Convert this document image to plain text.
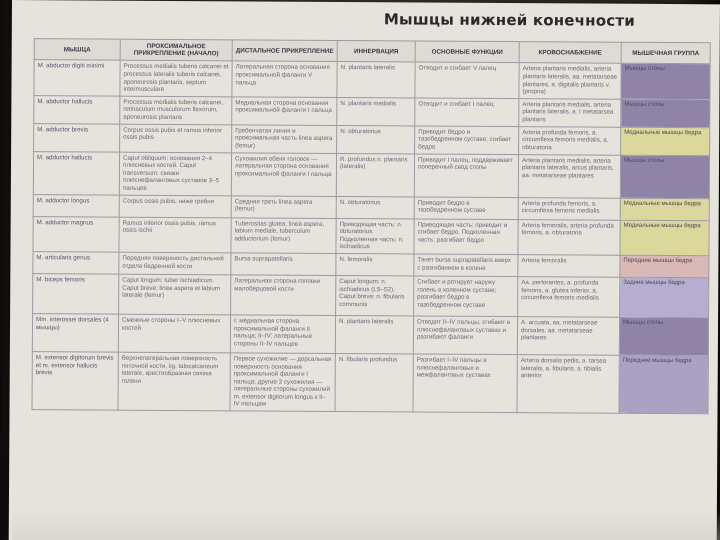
Мышцы нижней конечности
МЫШЦА	ПРОКСИМАЛЬНОЕ ПРИКРЕПЛЕНИЕ (НАЧАЛО)	ДИСТАЛЬНОЕ ПРИКРЕПЛЕНИЕ	ИННЕРВАЦИЯ	ОСНОВНЫЕ ФУНКЦИИ	КРОВОСНАБЖЕНИЕ	МЫШЕЧНАЯ ГРУППА
M. abductor digiti minimi	Processus medialis tuberis calcanei et processus lateralis tuberis calcanei, aponeurosis plantaris, septum intermusculare	Латеральная сторона основания проксимальной фаланги V пальца	N. plantaris lateralis	Отводит и сгибает V палец	Arteria plantaris medialis, arteria plantaris lateralis, aa. metatarseae plantares, a. digitalis plantaris v. (propria)	Мышцы стопы
M. abductor hallucis	Processus medialis tuberis calcanei, retinaculum musculorum flexorum, aponeurosis plantaris	Медиальная сторона основания проксимальной фаланги I пальца	N. plantaris medialis	Отводит и сгибает I палец	Arteria plantaris medialis, arteria plantaris lateralis, a. I metatarsea plantaris	Мышцы стопы
M. adductor brevis	Corpus ossis pubis et ramus inferior ossis pubis	Гребенчатая линия и проксимальная часть linea aspera (femur)	N. obturatorius	Приводит бедро и тазобедренном суставе; сгибает бедро	Arteria profunda femoris, a. circumflexa femoris medialis, a. obturatoria	Медиальные мышцы бедра
M. adductor hallucis	Caput obliquum: основания 2–4 плюсневых костей. Caput transversum: связки плюснефаланговых суставов 3–5 пальцев	Сухожилия обеих головок — латеральная сторона основания проксимальной фаланги I пальца	R. profundus n. plantaris (lateralis)	Приводит I палец, поддерживает поперечный свод стопы	Arteria plantaris medialis, arteria plantaris lateralis, arcus plantaris, aa. metatarseae plantares	Мышцы стопы
M. adductor longus	Corpus ossis pubis, ниже гребня	Средняя треть linea aspera (femur)	N. obturatorius	Приводит бедро в тазобедренном суставе	Arteria profunda femoris, a. circumflexa femoris medialis	Медиальные мышцы бедра
M. adductor magnus	Ramus inferior ossis pubis, ramus ossis ischii	Tuberositas glutea, linea aspera, labium mediale, tuberculum adductorium (femur)	Приводящая часть: n. obturatorius. Подколенная часть: n. ischiadicus	Приводящая часть: приводит и сгибает бедро. Подколенная часть: разгибает бедро	Arteria femoralis, arteria profunda femoris, a. obturatoria	Медиальные мышцы бедра
M. articularis genus	Передняя поверхность дистальной отдела бедренной кости	Bursa suprapatellaris	N. femoralis	Тянет bursa suprapatellaris вверх с разгибанием в колене	Arteria femoralis	Передние мышцы бедра
M. biceps femoris	Caput longum: tuber ischiadicum. Caput breve: linea aspera et labium laterale (femur)	Латеральная сторона головки малоберцовой кости	Caput longum: n. ischiadicus (L5–S2). Caput breve: n. fibularis communis	Сгибает и ротирует наружу голень в коленном суставе; разгибает бедро в тазобедренном суставе	Aa. perforantes, a. profunda femoris, a. glutea inferior, a. circumflexa femoris medialis	Задние мышцы бедра
Mm. interossei dorsales (4 мышцы)	Смежные стороны I–V плюсневых костей	I: медиальная сторона проксимальной фаланги II пальца; II–IV: латеральные стороны II–IV пальцев	N. plantaris lateralis	Отводят II–IV пальцы, сгибают в плюснефаланговых суставах и разгибают фаланги	A. arcuata, aa. metatarseae dorsales, aa. metatarseae plantares	Мышцы стопы
M. extensor digitorum brevis et m. extensor hallucis brevis	Верхнелатеральная поверхность пяточной кости, lig. talocalcaneum laterale, крестообразная связка голени	Первое сухожилие — дорсальная поверхность основания проксимальной фаланги I пальца; другие 3 сухожилия — латеральные стороны сухожилий m. extensor digitorum longus к II–IV пальцам	N. fibularis profundus	Разгибает I–IV пальцы в плюснефаланговых и межфаланговых суставах	Arteria dorsalis pedis, a. tarsea lateralis, a. fibularis, a. tibialis anterior	Передние мышцы бедра
